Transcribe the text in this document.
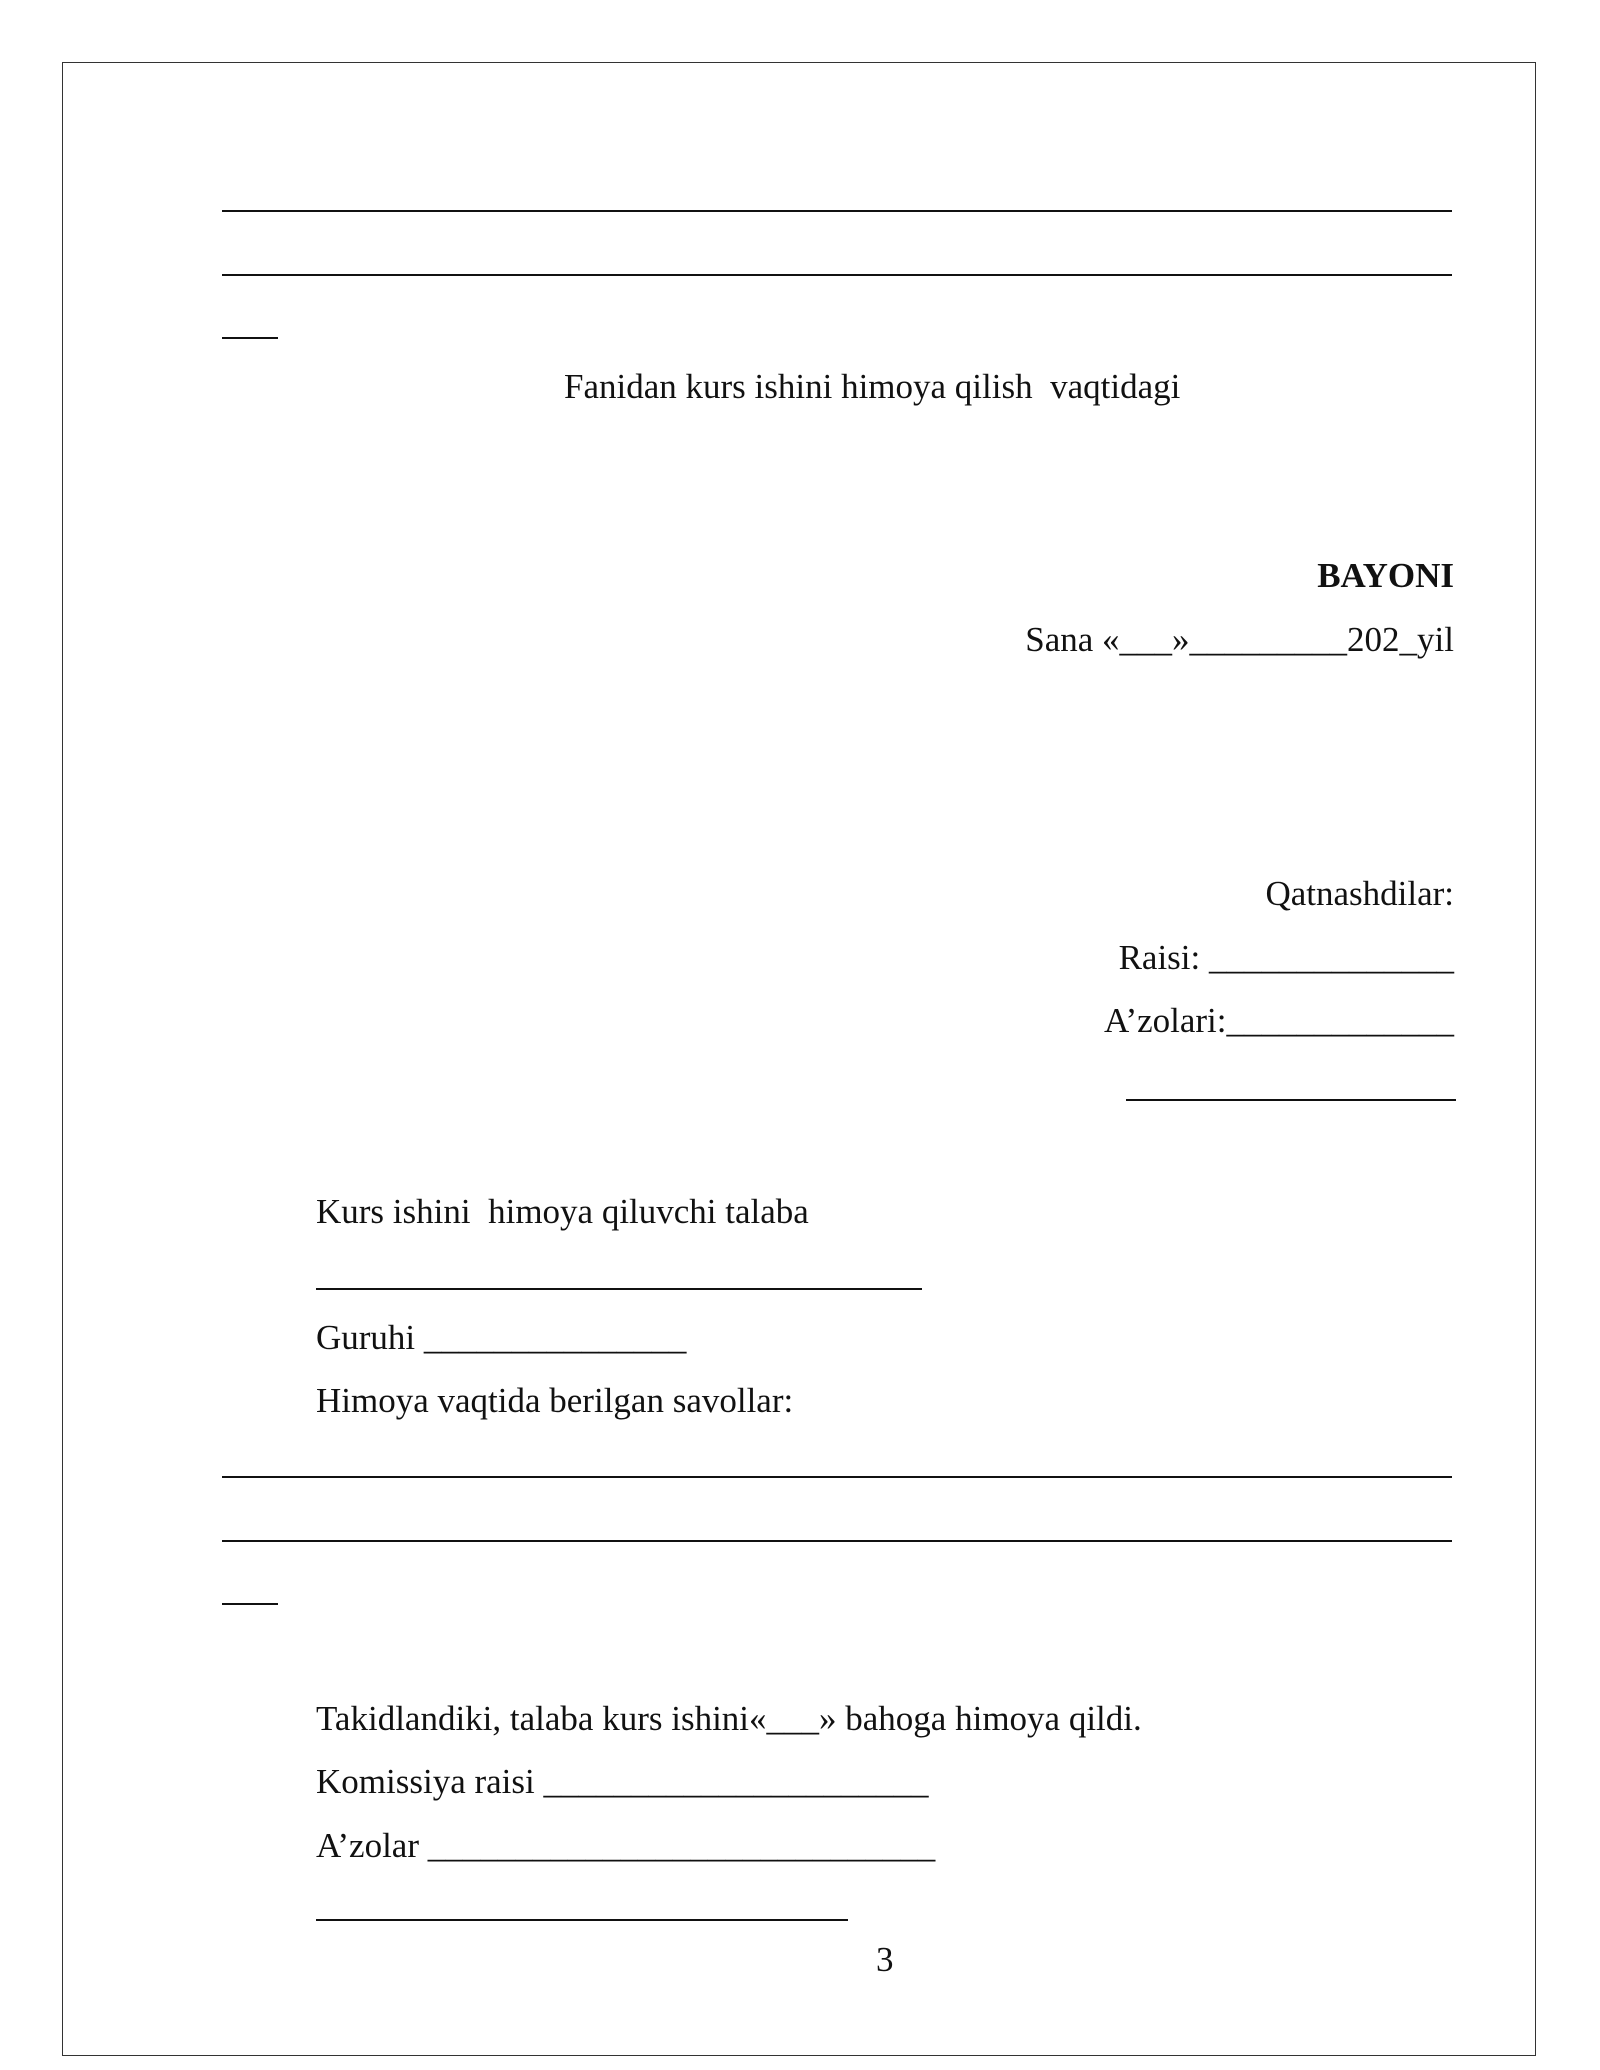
Fanidan kurs ishini himoya qilish  vaqtidagi
BAYONI
Sana «___»_________202_yil
Qatnashdilar:
Raisi: ______________
A’zolari:_____________
Kurs ishini  himoya qiluvchi talaba
Guruhi _______________
Himoya vaqtida berilgan savollar:
Takidlandiki, talaba kurs ishini«___» bahoga himoya qildi.
Komissiya raisi ______________________
A’zolar _____________________________
3
